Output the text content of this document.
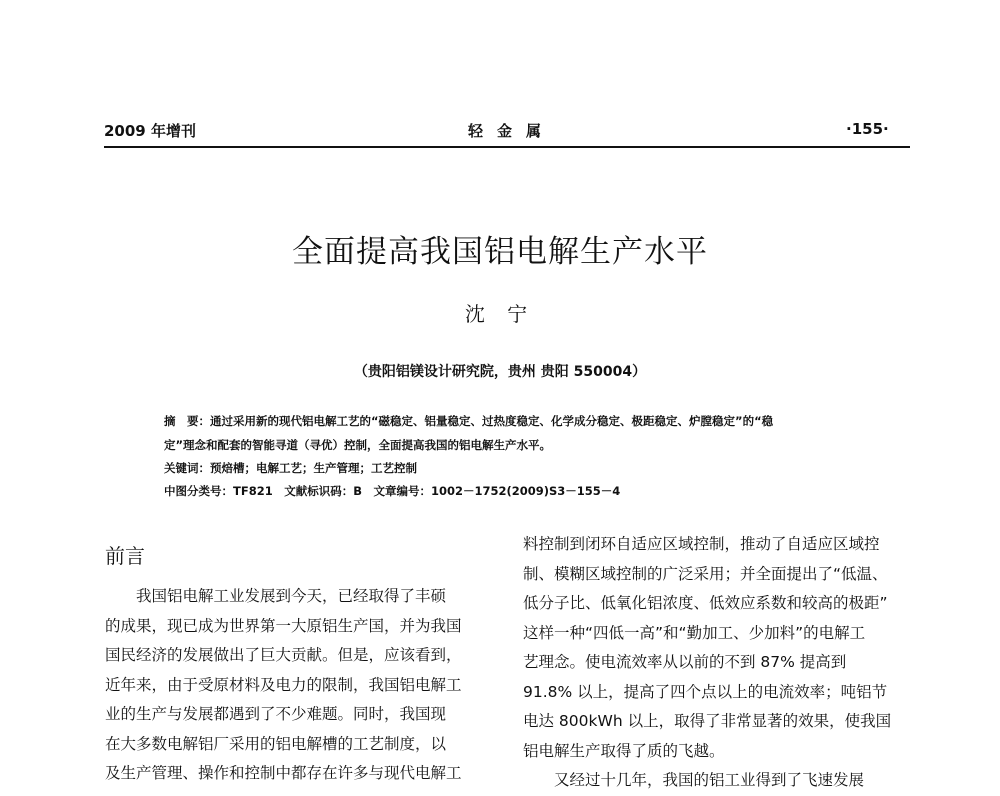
2009 年增刊	轻金属	·155·
全面提高我国铝电解生产水平
沈 宁
（贵阳铝镁设计研究院，贵州 贵阳 550004）
摘　要：通过采用新的现代铝电解工艺的“磁稳定、铝量稳定、过热度稳定、化学成分稳定、极距稳定、炉膛稳定”的“稳
定”理念和配套的智能寻道（寻优）控制，全面提高我国的铝电解生产水平。
关键词：预焙槽；电解工艺；生产管理；工艺控制
中图分类号：TF821　文献标识码：B　文章编号：1002－1752(2009)S3－155－4
前言
我国铝电解工业发展到今天，已经取得了丰硕
的成果，现已成为世界第一大原铝生产国，并为我国
国民经济的发展做出了巨大贡献。但是，应该看到，
近年来，由于受原材料及电力的限制，我国铝电解工
业的生产与发展都遇到了不少难题。同时，我国现
在大多数电解铝厂采用的铝电解槽的工艺制度，以
及生产管理、操作和控制中都存在许多与现代电解工
料控制到闭环自适应区域控制，推动了自适应区域控
制、模糊区域控制的广泛采用；并全面提出了“低温、
低分子比、低氧化铝浓度、低效应系数和较高的极距”
这样一种“四低一高”和“勤加工、少加料”的电解工
艺理念。使电流效率从以前的不到 87% 提高到
91.8% 以上，提高了四个点以上的电流效率；吨铝节
电达 800kWh 以上，取得了非常显著的效果，使我国
铝电解生产取得了质的飞越。
又经过十几年，我国的铝工业得到了飞速发展
